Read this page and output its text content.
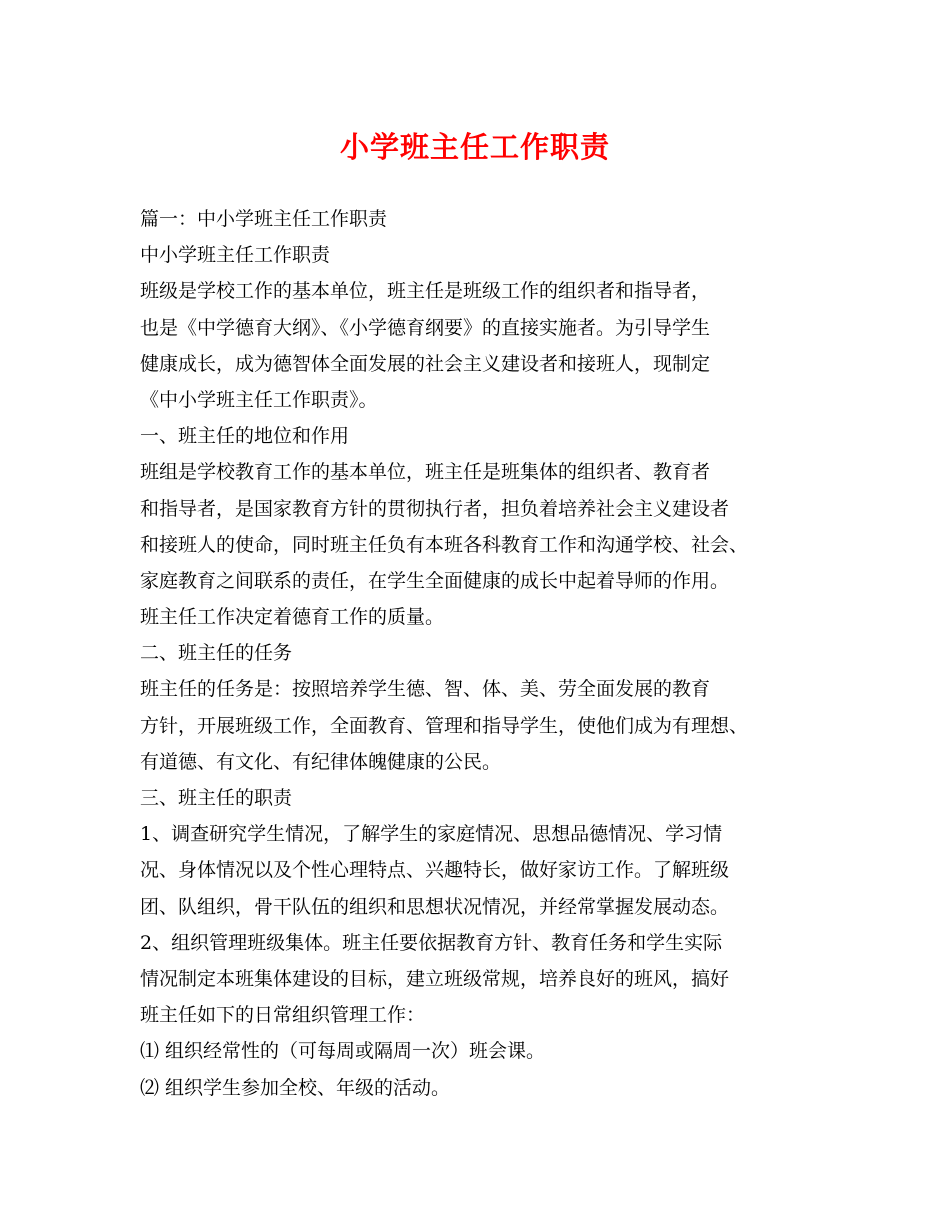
小学班主任工作职责
篇一：中小学班主任工作职责
中小学班主任工作职责
班级是学校工作的基本单位，班主任是班级工作的组织者和指导者，
也是《中学德育大纲》、《小学德育纲要》的直接实施者。为引导学生
健康成长，成为德智体全面发展的社会主义建设者和接班人，现制定
《中小学班主任工作职责》。
一、班主任的地位和作用
班组是学校教育工作的基本单位，班主任是班集体的组织者、教育者
和指导者，是国家教育方针的贯彻执行者，担负着培养社会主义建设者
和接班人的使命，同时班主任负有本班各科教育工作和沟通学校、社会、
家庭教育之间联系的责任，在学生全面健康的成长中起着导师的作用。
班主任工作决定着德育工作的质量。
二、班主任的任务
班主任的任务是：按照培养学生德、智、体、美、劳全面发展的教育
方针，开展班级工作，全面教育、管理和指导学生，使他们成为有理想、
有道德、有文化、有纪律体魄健康的公民。
三、班主任的职责
1、调查研究学生情况，了解学生的家庭情况、思想品德情况、学习情
况、身体情况以及个性心理特点、兴趣特长，做好家访工作。了解班级
团、队组织，骨干队伍的组织和思想状况情况，并经常掌握发展动态。
2、组织管理班级集体。班主任要依据教育方针、教育任务和学生实际
情况制定本班集体建设的目标，建立班级常规，培养良好的班风，搞好
班主任如下的日常组织管理工作：
⑴ 组织经常性的（可每周或隔周一次）班会课。
⑵ 组织学生参加全校、年级的活动。
